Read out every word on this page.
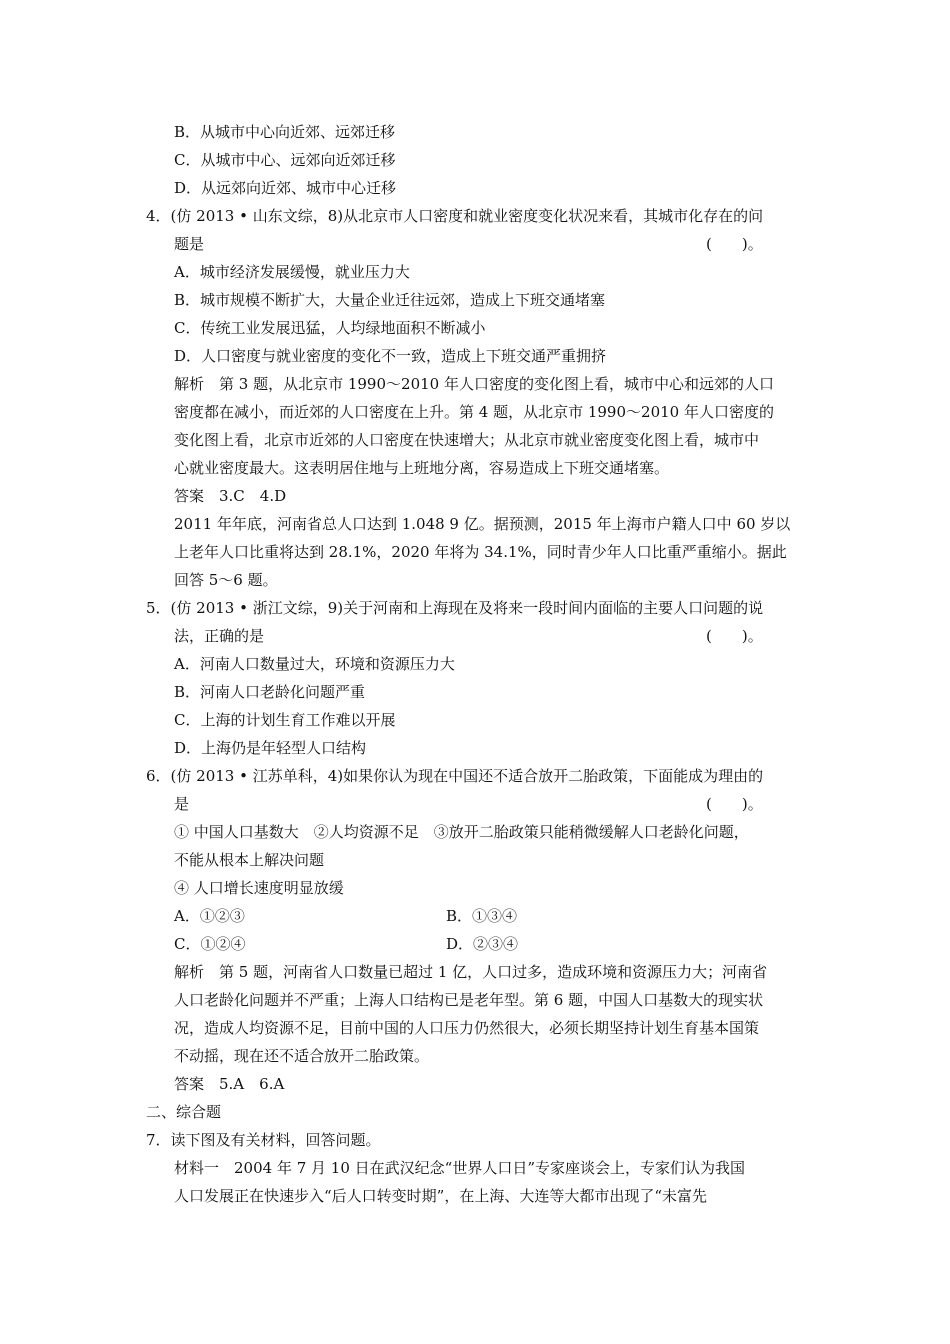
B．从城市中心向近郊、远郊迁移
C．从城市中心、远郊向近郊迁移
D．从远郊向近郊、城市中心迁移
4．(仿 2013 • 山东文综，8)从北京市人口密度和就业密度变化状况来看，其城市化存在的问
题是	(　　)。
A．城市经济发展缓慢，就业压力大
B．城市规模不断扩大，大量企业迁往远郊，造成上下班交通堵塞
C．传统工业发展迅猛，人均绿地面积不断减小
D．人口密度与就业密度的变化不一致，造成上下班交通严重拥挤
解析　第 3 题，从北京市 1990～2010 年人口密度的变化图上看，城市中心和远郊的人口
密度都在减小，而近郊的人口密度在上升。第 4 题，从北京市 1990～2010 年人口密度的
变化图上看，北京市近郊的人口密度在快速增大；从北京市就业密度变化图上看，城市中
心就业密度最大。这表明居住地与上班地分离，容易造成上下班交通堵塞。
答案　3.C　4.D
2011 年年底，河南省总人口达到 1.048 9 亿。据预测，2015 年上海市户籍人口中 60 岁以
上老年人口比重将达到 28.1%，2020 年将为 34.1%，同时青少年人口比重严重缩小。据此
回答 5～6 题。
5．(仿 2013 • 浙江文综，9)关于河南和上海现在及将来一段时间内面临的主要人口问题的说
法，正确的是	(　　)。
A．河南人口数量过大，环境和资源压力大
B．河南人口老龄化问题严重
C．上海的计划生育工作难以开展
D．上海仍是年轻型人口结构
6．(仿 2013 • 江苏单科，4)如果你认为现在中国还不适合放开二胎政策，下面能成为理由的
是	(　　)。
① 中国人口基数大　②人均资源不足　③放开二胎政策只能稍微缓解人口老龄化问题，
不能从根本上解决问题
④ 人口增长速度明显放缓
A．①②③	B．①③④
C．①②④	D．②③④
解析　第 5 题，河南省人口数量已超过 1 亿，人口过多，造成环境和资源压力大；河南省
人口老龄化问题并不严重；上海人口结构已是老年型。第 6 题，中国人口基数大的现实状
况，造成人均资源不足，目前中国的人口压力仍然很大，必须长期坚持计划生育基本国策
不动摇，现在还不适合放开二胎政策。
答案　5.A　6.A
二、综合题
7．读下图及有关材料，回答问题。
材料一　2004 年 7 月 10 日在武汉纪念“世界人口日”专家座谈会上，专家们认为我国
人口发展正在快速步入“后人口转变时期”，在上海、大连等大都市出现了“未富先
